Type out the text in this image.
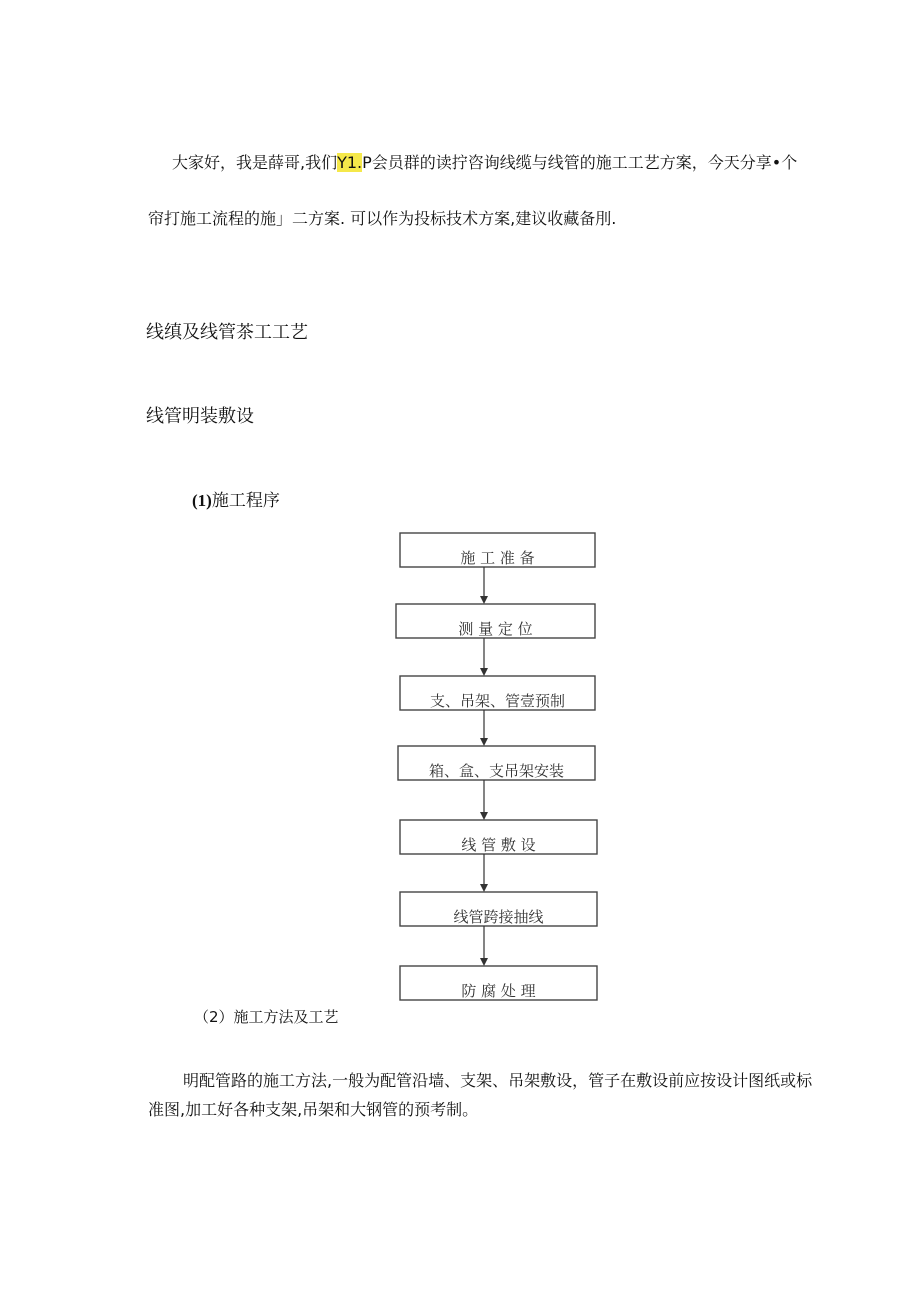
大家好，我是薛哥,我们Y1.P会员群的读拧咨询线缆与线管的施工工艺方案，今天分享•个
帘打施工流程的施」二方案. 可以作为投标技术方案,建议收藏备刖.
线缜及线管茶工工艺
线管明装敷设
(1)施工程序
施 工 准 备
测 量 定 位
支、吊架、管壹预制
箱、盒、支吊架安装
线 管 敷 设
线管跨接抽线
防 腐 处 理
（2）施工方法及工艺
明配管路的施工方法,一般为配管沿墙、支架、吊架敷设，管子在敷设前应按设计图纸或标
准图,加工好各种支架,吊架和大钢管的预考制。
